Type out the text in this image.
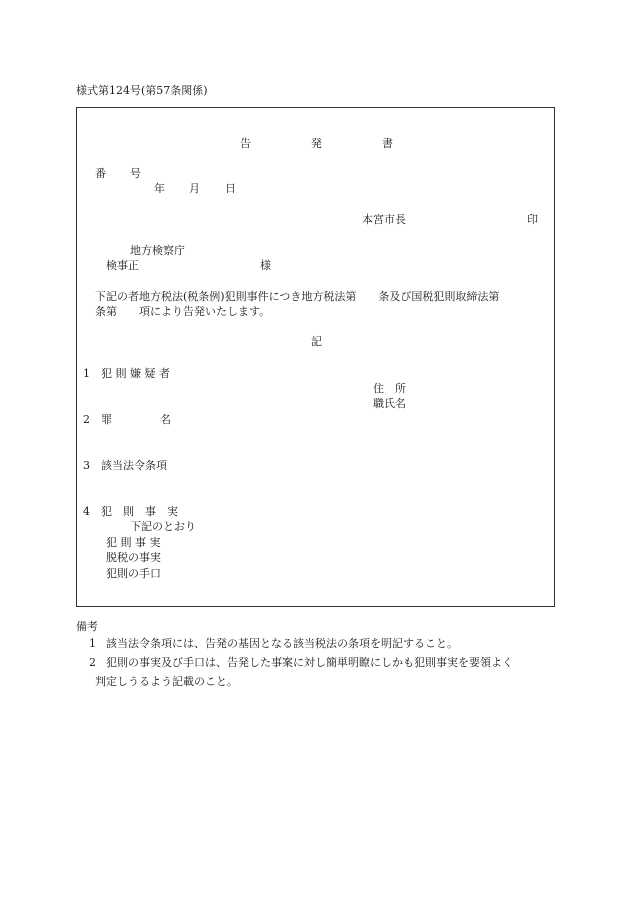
様式第124号(第57条関係)
告	発	書
番 号
年 月 日
本宮市長	印
地方検察庁
検事正	様
下記の者地方税法(税条例)犯則事件につき地方税法第　　条及び国税犯則取締法第
条第　　項により告発いたします。
記
1 犯 則 嫌 疑 者
住　所
職氏名
2 罪	名
3 該当法令条項
4 犯　則　事　実
下記のとおり
犯 則 事 実
脱税の事実
犯則の手口
備考
1 該当法令条項には、告発の基因となる該当税法の条項を明記すること。
2 犯則の事実及び手口は、告発した事案に対し簡単明瞭にしかも犯則事実を要領よく
判定しうるよう記載のこと。
